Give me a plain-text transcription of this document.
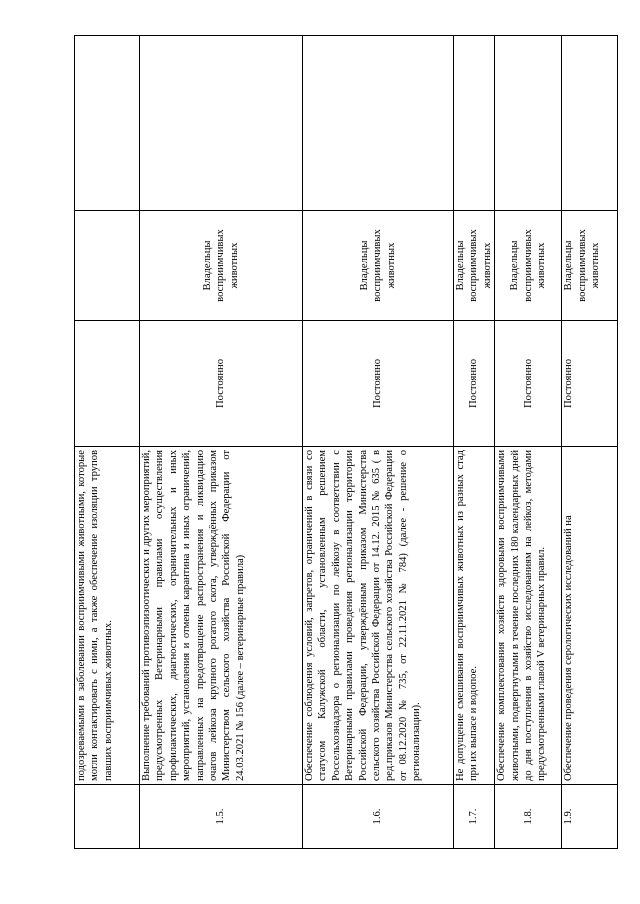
	подозреваемыми в заболевании восприимчивыми животными, которые могли контактировать с ними, а также обеспечение изоляции трупов павших восприимчивых животных.			
1.5.	Выполнение требований противоэпизоотических и других мероприятий, предусмотренных Ветеринарными правилами осуществления профилактических, диагностических, ограничительных и иных мероприятий, установления и отмены карантина и иных ограничений, направленных на предотвращение распространения и ликвидацию очагов лейкоза крупного рогатого скота, утверждённых приказом Министерством сельского хозяйства Российской Федерации от 24.03.2021 № 156 (далее – ветеринарные правила)	Постоянно	Владельцы восприимчивых животных	
1.6.	Обеспечение соблюдения условий, запретов, ограничений в связи со статусом Калужской области, установленным решением Россельхознадзора о регионализации по лейкозу в соответствии с Ветеринарными правилами проведения регионализации территории Российской Федерации, утверждённым приказом Министерства сельского хозяйства Российской Федерации от 14.12. 2015 № 635 ( в ред.приказов Министерства сельского хозяйства Российской Федерации от 08.12.2020 № 735, от 22.11.2021 № 784) (далее - решение о регионализации).	Постоянно	Владельцы восприимчивых животных	
1.7.	Не допущение смешивания восприимчивых животных из разных стад при их выпасе и водопое.	Постоянно	Владельцы восприимчивых животных	
1.8.	Обеспечение комплектования хозяйств здоровыми восприимчивыми животными, подвергнутыми в течение последних 180 календарных дней до дня поступления в хозяйство исследованиям на лейкоз, методами предусмотренными главой V ветеринарных правил.	Постоянно	Владельцы восприимчивых животных	
1.9.	Обеспечение проведения серологических исследований на	Постоянно	Владельцы восприимчивых животных	
